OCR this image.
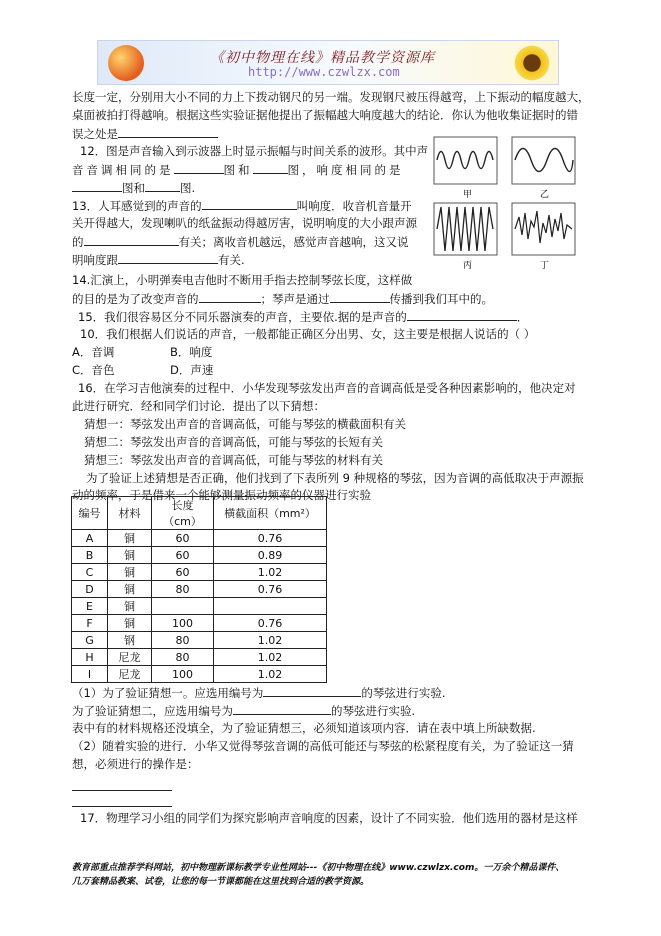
《初中物理在线》精品教学资源库
http://www.czwlzx.com
长度一定，分别用大小不同的力上下拨动钢尺的另一端。发现钢尺被压得越弯，上下振动的幅度越大，
桌面被拍打得越响。根据这些实验证据他提出了振幅越大响度越大的结论．你认为他收集证据时的错
误之处是
12．图是声音输入到示波器上时显示振幅与时间关系的波形。其中声
音音调相同的是	图和	图，响度相同的是
图和	图.	甲	乙
丙	丁
13．人耳感觉到的声音的	叫响度．收音机音量开
关开得越大，发现喇叭的纸盆振动得越厉害，说明响度的大小跟声源
的	有关；离收音机越远，感觉声音越响，这又说
明响度跟	有关.
14.汇演上，小明弹奏电吉他时不断用手指去控制琴弦长度，这样做
的目的是为了改变声音的	；琴声是通过	传播到我们耳中的。
15．我们很容易区分不同乐器演奏的声音，主要依.据的是声音的	．
10．我们根据人们说话的声音，一般都能正确区分出男、女，这主要是根据人说话的（ ）
A．音调	B．响度
C．音色	D．声速
16．在学习吉他演奏的过程中．小华发现琴弦发出声音的音调高低是受各种因素影响的，他决定对
此进行研究．经和同学们讨论．提出了以下猜想：
猜想一：琴弦发出声音的音调高低，可能与琴弦的横截面积有关
猜想二：琴弦发出声音的音调高低，可能与琴弦的长短有关
猜想三：琴弦发出声音的音调高低，可能与琴弦的材料有关
为了验证上述猜想是否正确，他们找到了下表所列 9 种规格的琴弦，因为音调的高低取决于声源振
动的频率，于是借来一个能够测量振动频率的仪器进行实验
编号	材料	长度（cm）	横截面积（mm²）
A	铜	60	0.76
B	铜	60	0.89
C	铜	60	1.02
D	铜	80	0.76
E	铜		
F	铜	100	0.76
G	钢	80	1.02
H	尼龙	80	1.02
I	尼龙	100	1.02
（1）为了验证猜想一。应选用编号为	的琴弦进行实验.
为了验证猜想二，应选用编号为	的琴弦进行实验.
表中有的材料规格还没填全，为了验证猜想三，必须知道该项内容．请在表中填上所缺数据.
（2）随着实验的进行．小华又觉得琴弦音调的高低可能还与琴弦的松紧程度有关，为了验证这一猜
想，必须进行的操作是：
17．物理学习小组的同学们为探究影响声音响度的因素，设计了不同实验．他们选用的器材是这样
教育部重点推荐学科网站，初中物理新课标教学专业性网站---《初中物理在线》www.czwlzx.com。一万余个精品课件、
几万套精品教案、试卷，让您的每一节课都能在这里找到合适的教学资源。
